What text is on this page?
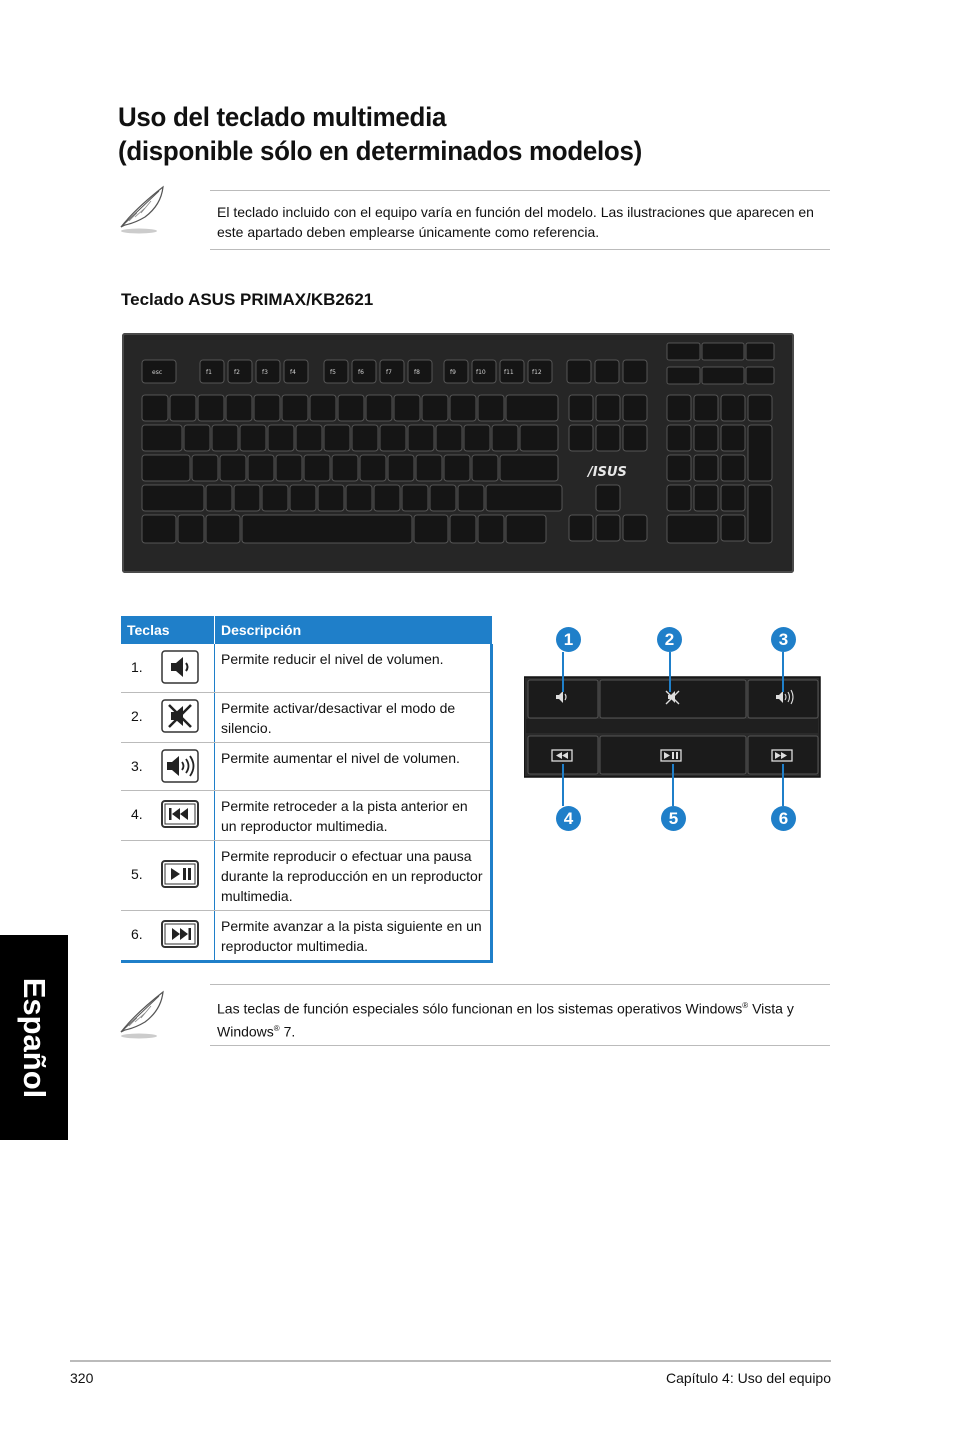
Uso del teclado multimedia
(disponible sólo en determinados modelos)
El teclado incluido con el equipo varía en función del modelo. Las ilustraciones que aparecen en este apartado deben emplearse únicamente como referencia.
Teclado ASUS PRIMAX/KB2621
esc	f1	f2	f3	f4	f5	f6	f7	f8	f9	f10	f11	f12
/ISUS
Teclas	Descripción

1.	Permite reducir el nivel de volumen.

2.	Permite activar/desactivar el modo de silencio.

3.	Permite aumentar el nivel de volumen.

4.	Permite retroceder a la pista anterior en un reproductor multimedia.

5.	Permite reproducir o efectuar una pausa durante la reproducción en un reproductor multimedia.

6.	Permite avanzar a la pista siguiente en un reproductor multimedia.
1	2	3
4	5	6
Las teclas de función especiales sólo funcionan en los sistemas operativos Windows® Vista y Windows® 7.
Español
320	Capítulo 4: Uso del equipo
